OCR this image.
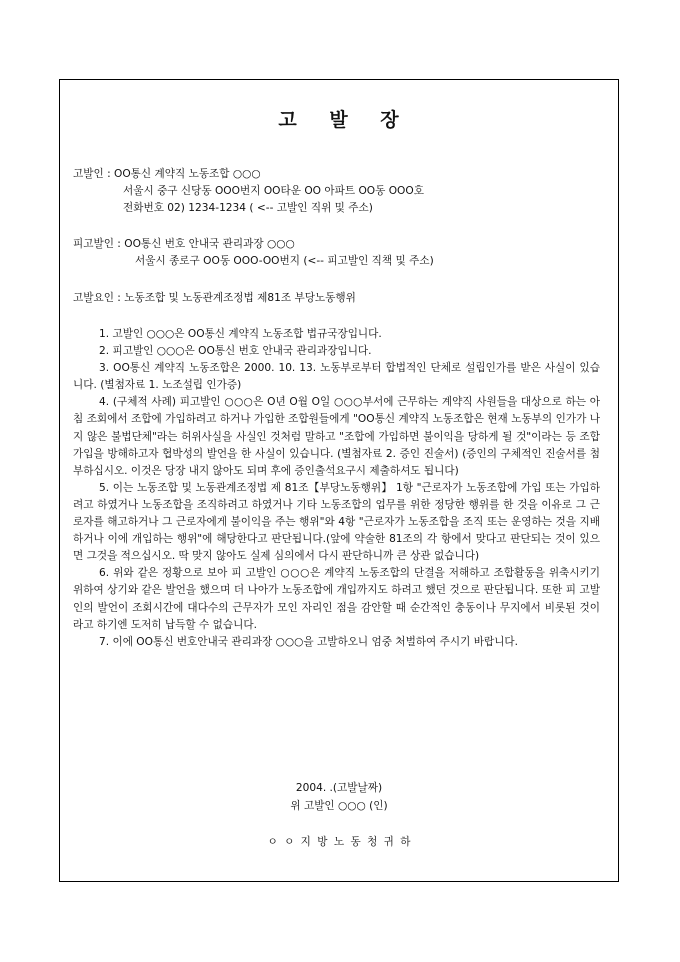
고 발 장
고발인 : OO통신 계약직 노동조합 ○○○
서울시 중구 신당동 OOO번지 OO타운 OO 아파트 OO동 OOO호
전화번호 02) 1234-1234 ( <-- 고발인 직위 및 주소)
피고발인 : OO통신 번호 안내국 관리과장 ○○○
서울시 종로구 OO동 OOO-OO번지 (<-- 피고발인 직책 및 주소)
고발요인 : 노동조합 및 노동관계조정법 제81조 부당노동행위

1. 고발인 ○○○은 OO통신 계약직 노동조합 법규국장입니다.

2. 피고발인 ○○○은 OO통신 번호 안내국 관리과장입니다.

3. OO통신 계약직 노동조합은 2000. 10. 13. 노동부로부터 합법적인 단체로 설립인가를 받은 사실이 있습니다. (별첨자료 1. 노조설립 인가증)

4. (구체적 사례) 피고발인 ○○○은 O년 O월 O일 ○○○부서에 근무하는 계약직 사원들을 대상으로 하는 아침 조회에서 조합에 가입하려고 하거나 가입한 조합원들에게 "OO통신 계약직 노동조합은 현재 노동부의 인가가 나지 않은 불법단체"라는 허위사실을 사실인 것처럼 말하고 "조합에 가입하면 불이익을 당하게 될 것"이라는 등 조합가입을 방해하고자 협박성의 발언을 한 사실이 있습니다. (별첨자료 2. 증인 진술서) (증인의 구체적인 진술서를 첨부하십시오. 이것은 당장 내지 않아도 되며 후에 증인출석요구시 제출하셔도 됩니다)

5. 이는 노동조합 및 노동관계조정법 제 81조【부당노동행위】 1항 "근로자가 노동조합에 가입 또는 가입하려고 하였거나 노동조합을 조직하려고 하였거나 기타 노동조합의 업무를 위한 정당한 행위를 한 것을 이유로 그 근로자를 해고하거나 그 근로자에게 불이익을 주는 행위"와 4항 "근로자가 노동조합을 조직 또는 운영하는 것을 지배하거나 이에 개입하는 행위"에 해당한다고 판단됩니다.(앞에 약술한 81조의 각 항에서 맞다고 판단되는 것이 있으면 그것을 적으십시오. 딱 맞지 않아도 실제 심의에서 다시 판단하니까 큰 상관 없습니다)

6. 위와 같은 정황으로 보아 피 고발인 ○○○은 계약직 노동조합의 단결을 저해하고 조합활동을 위축시키기 위하여 상기와 같은 발언을 했으며 더 나아가 노동조합에 개입까지도 하려고 했던 것으로 판단됩니다. 또한 피 고발인의 발언이 조회시간에 대다수의 근무자가 모인 자리인 점을 감안할 때 순간적인 충동이나 무지에서 비롯된 것이라고 하기엔 도저히 납득할 수 없습니다.

7. 이에 OO통신 번호안내국 관리과장 ○○○을 고발하오니 엄중 처벌하여 주시기 바랍니다.

2004. .(고발날짜)
위 고발인 ○○○ (인)
ㅇ ㅇ 지 방 노 동 청 귀 하
